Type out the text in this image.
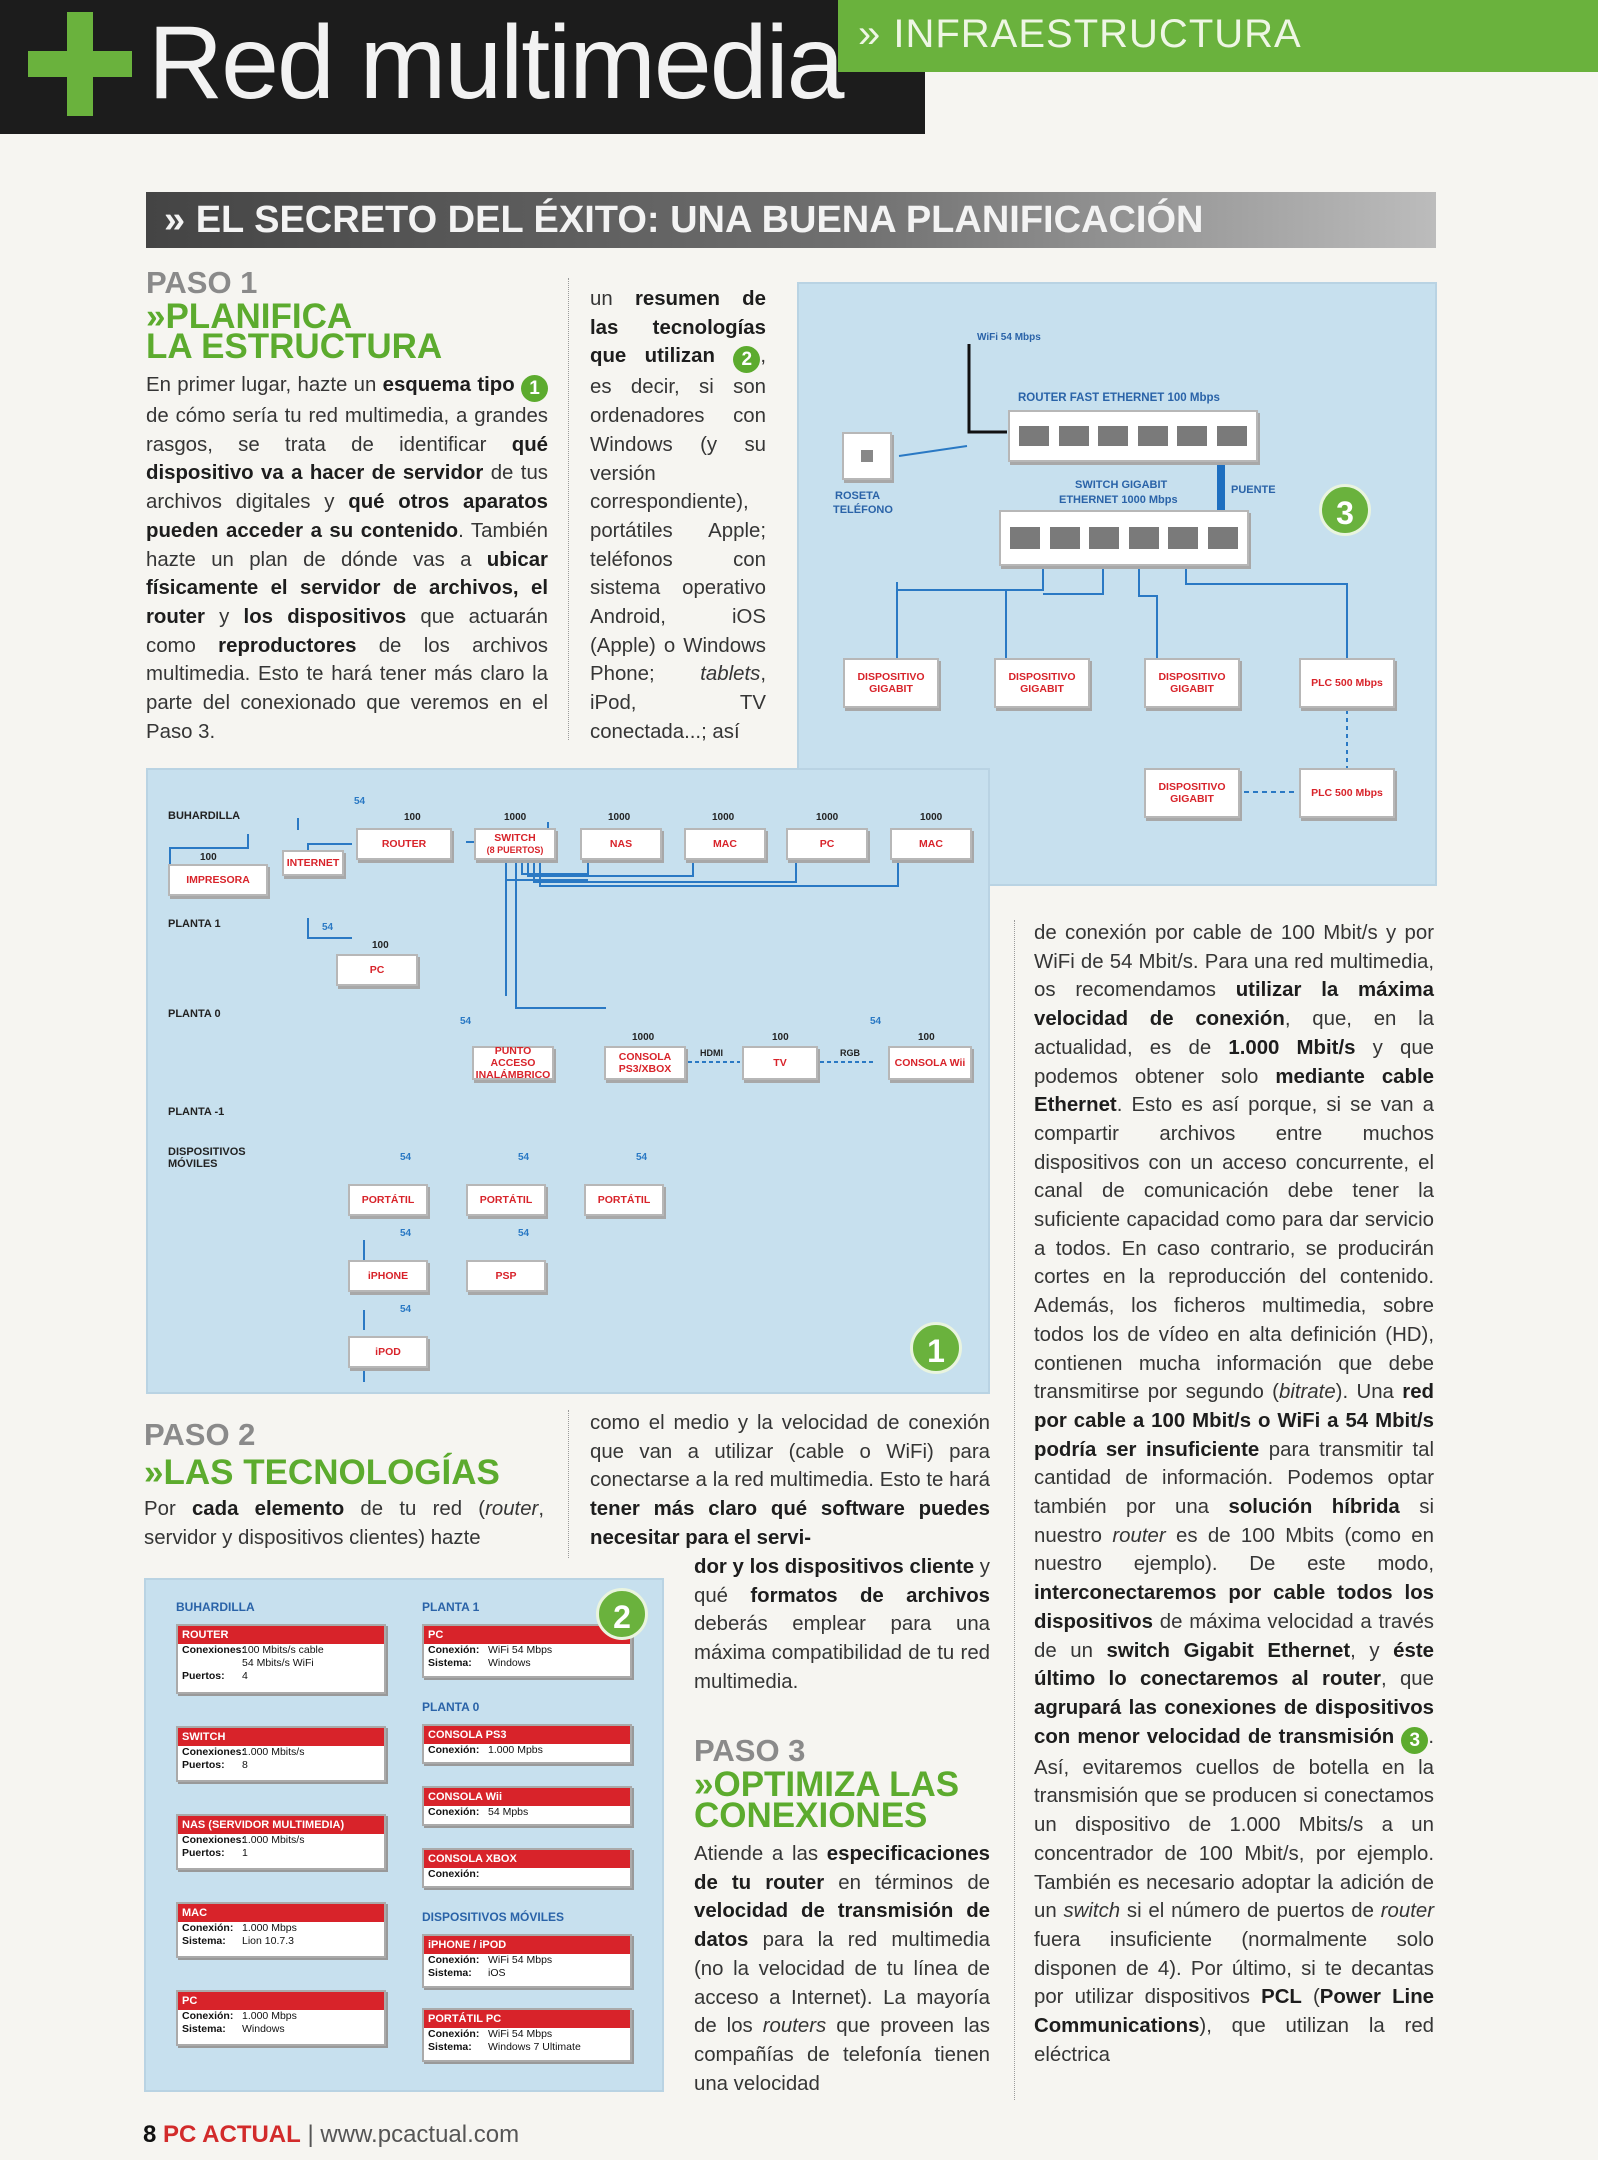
Red multimedia » INFRAESTRUCTURA
» EL SECRETO DEL ÉXITO: UNA BUENA PLANIFICACIÓN
PASO 1
»PLANIFICA
LA ESTRUCTURA
En primer lugar, hazte un esquema tipo 1 de cómo sería tu red multimedia, a grandes rasgos, se trata de identificar qué dispositivo va a hacer de servidor de tus archivos digitales y qué otros aparatos pueden acceder a su contenido. También hazte un plan de dónde vas a ubicar físicamente el servidor de archivos, el router y los dispositivos que actuarán como reproductores de los archivos multimedia. Esto te hará tener más claro la parte del conexionado que veremos en el Paso 3.
un resumen de las tecnologías que utilizan 2 , es decir, si son ordenadores con Windows (y su versión correspondiente), portátiles Apple; teléfonos con sistema operativo Android, iOS (Apple) o Windows Phone; tablets, iPod, TV conectada...; así
WiFi 54 Mbps
ROUTER FAST ETHERNET 100 Mbps
ROSETA
TELÉFONO
SWITCH GIGABIT
ETHERNET 1000 Mbps
PUENTE
3
DISPOSITIVO
GIGABIT
DISPOSITIVO
GIGABIT
DISPOSITIVO
GIGABIT	PLC 500 Mbps
DISPOSITIVO
GIGABIT	PLC 500 Mbps
BUHARDILLA
PLANTA 1
PLANTA 0
PLANTA -1
DISPOSITIVOS
MÓVILES
54
100	1000	1000	1000	1000	1000
100
IMPRESORA
INTERNET
ROUTER	SWITCH
(8 PUERTOS)	NAS	MAC	PC	MAC
54
100
PC
54
PUNTO ACCESO
INALÁMBRICO
1000
CONSOLA
PS3/XBOX
HDMI
100
TV
RGB
54
100
CONSOLA Wii
54
PORTÁTIL
54
PORTÁTIL
54
PORTÁTIL
54
iPHONE
54
PSP
54
iPOD	1
PASO 2
»LAS TECNOLOGÍAS
Por cada elemento de tu red (router, servidor y dispositivos clientes) hazte
como el medio y la velocidad de conexión que van a utilizar (cable o WiFi) para conectarse a la red multimedia. Esto te hará tener más claro qué software puedes necesitar para el servi-
dor y los dispositivos cliente y qué formatos de archivos deberás emplear para una máxima compatibilidad de tu red multimedia.
BUHARDILLA
ROUTER
Conexiones:100 Mbits/s cable
54 Mbits/s WiFi
Puertos: 4
SWITCH
Conexiones:1.000 Mbits/s
Puertos: 8
NAS (SERVIDOR MULTIMEDIA)
Conexiones:1.000 Mbits/s
Puertos: 1
MAC
Conexión: 1.000 Mbps
Sistema: Lion 10.7.3
PC
Conexión: 1.000 Mbps
Sistema: Windows
PLANTA 1
PC
Conexión: WiFi 54 Mbps
Sistema: Windows
2
PLANTA 0
CONSOLA PS3
Conexión: 1.000 Mpbs
CONSOLA Wii
Conexión: 54 Mpbs
CONSOLA XBOX
Conexión:
DISPOSITIVOS MÓVILES
iPHONE / iPOD
Conexión: WiFi 54 Mbps
Sistema: iOS
PORTÁTIL PC
Conexión: WiFi 54 Mbps
Sistema: Windows 7 Ultimate
PASO 3
»OPTIMIZA LAS
CONEXIONES
Atiende a las especificaciones de tu router en términos de velocidad de transmisión de datos para la red multimedia (no la velocidad de tu línea de acceso a Internet). La mayoría de los routers que proveen las compañías de telefonía tienen una velocidad
de conexión por cable de 100 Mbit/s y por WiFi de 54 Mbit/s. Para una red multimedia, os recomendamos utilizar la máxima velocidad de conexión, que, en la actualidad, es de 1.000 Mbit/s y que podemos obtener solo mediante cable Ethernet. Esto es así porque, si se van a compartir archivos entre muchos dispositivos con un acceso concurrente, el canal de comunicación debe tener la suficiente capacidad como para dar servicio a todos. En caso contrario, se producirán cortes en la reproducción del contenido. Además, los ficheros multimedia, sobre todos los de vídeo en alta definición (HD), contienen mucha información que debe transmitirse por segundo (bitrate). Una red por cable a 100 Mbit/s o WiFi a 54 Mbit/s podría ser insuficiente para transmitir tal cantidad de información. Podemos optar también por una solución híbrida si nuestro router es de 100 Mbits (como en nuestro ejemplo). De este modo, interconectaremos por cable todos los dispositivos de máxima velocidad a través de un switch Gigabit Ethernet, y éste último lo conectaremos al router, que agrupará las conexiones de dispositivos con menor velocidad de transmisión 3 . Así, evitaremos cuellos de botella en la transmisión que se producen si conectamos un dispositivo de 1.000 Mbits/s a un concentrador de 100 Mbit/s, por ejemplo. También es necesario adoptar la adición de un switch si el número de puertos de router fuera insuficiente (normalmente solo disponen de 4). Por último, si te decantas por utilizar dispositivos PCL (Power Line Communications), que utilizan la red eléctrica
8 PC ACTUAL | www.pcactual.com
